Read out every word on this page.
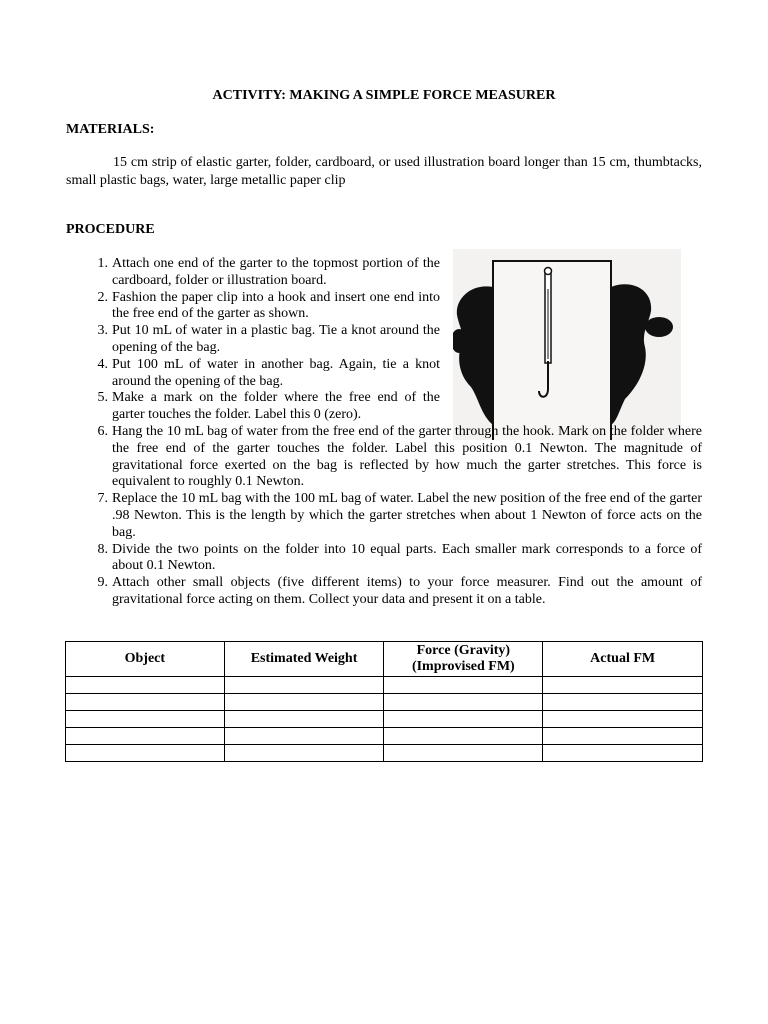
ACTIVITY: MAKING A SIMPLE FORCE MEASURER
MATERIALS:
15 cm strip of elastic garter, folder, cardboard, or used illustration board longer than 15 cm, thumbtacks, small plastic bags, water, large metallic paper clip
PROCEDURE
1. Attach one end of the garter to the topmost portion of the cardboard, folder or illustration board.
2. Fashion the paper clip into a hook and insert one end into the free end of the garter as shown.
3. Put 10 mL of water in a plastic bag. Tie a knot around the opening of the bag.
4. Put 100 mL of water in another bag. Again, tie a knot around the opening of the bag.
5. Make a mark on the folder where the free end of the garter touches the folder. Label this 0 (zero).
6. Hang the 10 mL bag of water from the free end of the garter through the hook. Mark on the folder where the free end of the garter touches the folder. Label this position 0.1 Newton. The magnitude of gravitational force exerted on the bag is reflected by how much the garter stretches. This force is equivalent to roughly 0.1 Newton.
7. Replace the 10 mL bag with the 100 mL bag of water. Label the new position of the free end of the garter .98 Newton. This is the length by which the garter stretches when about 1 Newton of force acts on the bag.
8. Divide the two points on the folder into 10 equal parts. Each smaller mark corresponds to a force of about 0.1 Newton.
9. Attach other small objects (five different items) to your force measurer. Find out the amount of gravitational force acting on them. Collect your data and present it on a table.
Object	Estimated Weight	Force (Gravity) (Improvised FM)	Actual FM
